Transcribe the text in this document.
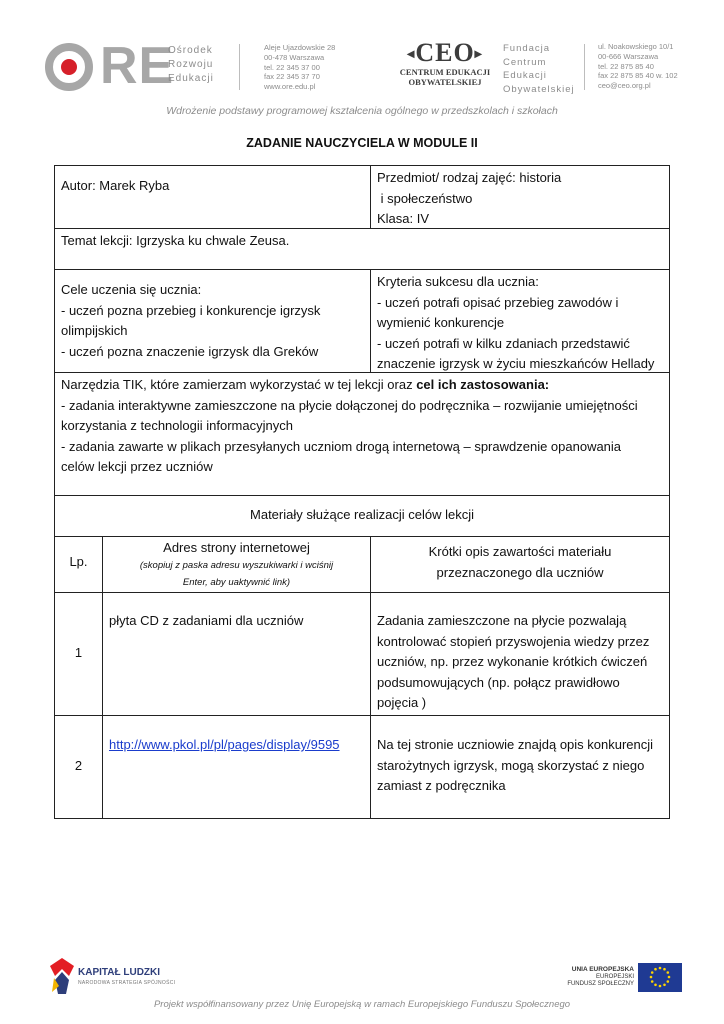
RE
Ośrodek
Rozwoju
Edukacji
Aleje Ujazdowskie 28
00-478 Warszawa
tel. 22 345 37 00
fax 22 345 37 70
www.ore.edu.pl
◂CEO▸
CENTRUM EDUKACJI
OBYWATELSKIEJ
Fundacja
Centrum
Edukacji
Obywatelskiej
ul. Noakowskiego 10/1
00-666 Warszawa
tel. 22 875 85 40
fax 22 875 85 40 w. 102
ceo@ceo.org.pl
Wdrożenie podstawy programowej kształcenia ogólnego w przedszkolach i szkołach
ZADANIE NAUCZYCIELA W MODULE II
Autor: Marek Ryba
Przedmiot/ rodzaj zajęć: historia
i społeczeństwo
Klasa: IV
Temat lekcji: Igrzyska ku chwale Zeusa.
Cele uczenia się ucznia:
- uczeń pozna przebieg i konkurencje igrzysk
olimpijskich
- uczeń pozna znaczenie igrzysk dla Greków
Kryteria sukcesu dla ucznia:
- uczeń potrafi opisać przebieg zawodów i
wymienić konkurencje
- uczeń potrafi w kilku zdaniach przedstawić
znaczenie igrzysk w życiu mieszkańców Hellady
Narzędzia TIK, które zamierzam wykorzystać w tej lekcji oraz cel ich zastosowania:
- zadania interaktywne zamieszczone na płycie dołączonej do podręcznika – rozwijanie umiejętności
korzystania z technologii informacyjnych
- zadania zawarte w plikach przesyłanych uczniom drogą internetową – sprawdzenie opanowania
celów lekcji przez uczniów
Materiały służące realizacji celów lekcji
Lp.
Adres strony internetowej
(skopiuj z paska adresu wyszukiwarki i wciśnij
Enter, aby uaktywnić link)
Krótki opis zawartości materiału
przeznaczonego dla uczniów
1
płyta CD z zadaniami dla uczniów	Zadania zamieszczone na płycie pozwalają
kontrolować stopień przyswojenia wiedzy przez
uczniów, np. przez wykonanie krótkich ćwiczeń
podsumowujących (np. połącz prawidłowo
pojęcia )
2
http://www.pkol.pl/pl/pages/display/9595	Na tej stronie uczniowie znajdą opis konkurencji
starożytnych igrzysk, mogą skorzystać z niego
zamiast z podręcznika
KAPITAŁ LUDZKI
NARODOWA STRATEGIA SPÓJNOŚCI
UNIA EUROPEJSKA
EUROPEJSKI
FUNDUSZ SPOŁECZNY
Projekt współfinansowany przez Unię Europejską w ramach Europejskiego Funduszu Społecznego
